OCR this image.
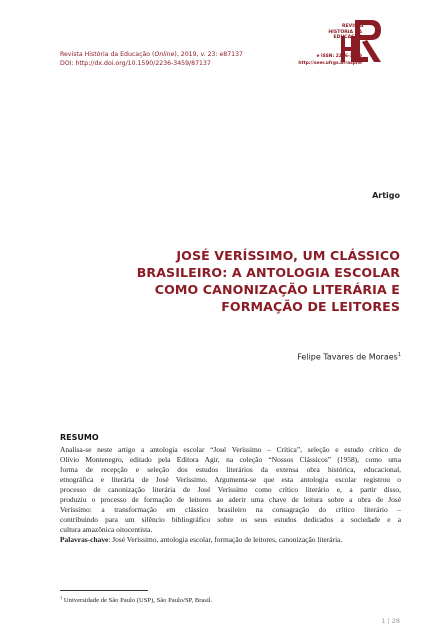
Revista História da Educação (Online), 2019, v. 23: e87137
DOI: http://dx.doi.org/10.1590/2236-3459/87137
REVISTA
HISTÓRIA DA
EDUCAÇÃO
e ISSN: 2236-3459
http://seer.ufrgs.br/asphe
Artigo
JOSÉ VERÍSSIMO, UM CLÁSSICO
BRASILEIRO: A ANTOLOGIA ESCOLAR
COMO CANONIZAÇÃO LITERÁRIA E
FORMAÇÃO DE LEITORES
Felipe Tavares de Moraes$^1$
RESUMO
Analisa-se neste artigo a antologia escolar “José Veríssimo – Crítica”, seleção e estudo crítico de
Olívio Montenegro, editado pela Editora Agir, na coleção “Nossos Clássicos” (1958), como uma
forma de recepção e seleção dos estudos literários da extensa obra histórica, educacional,
etnográfica e literária de José Veríssimo. Argumenta-se que esta antologia escolar registrou o
processo de canonização literária de José Veríssimo como crítico literário e, a partir disso,
produziu o processo de formação de leitores ao aderir uma chave de leitura sobre a obra de José
Veríssimo: a transformação em clássico brasileiro na consagração do crítico literário –
contribuindo para um silêncio bibliográfico sobre os seus estudos dedicados a sociedade e a
cultura amazônica oitocentista.
Palavras-chave: José Veríssimo, antologia escolar, formação de leitores, canonização literária.
$^1$ Universidade de São Paulo (USP), São Paulo/SP, Brasil.
1 | 28
